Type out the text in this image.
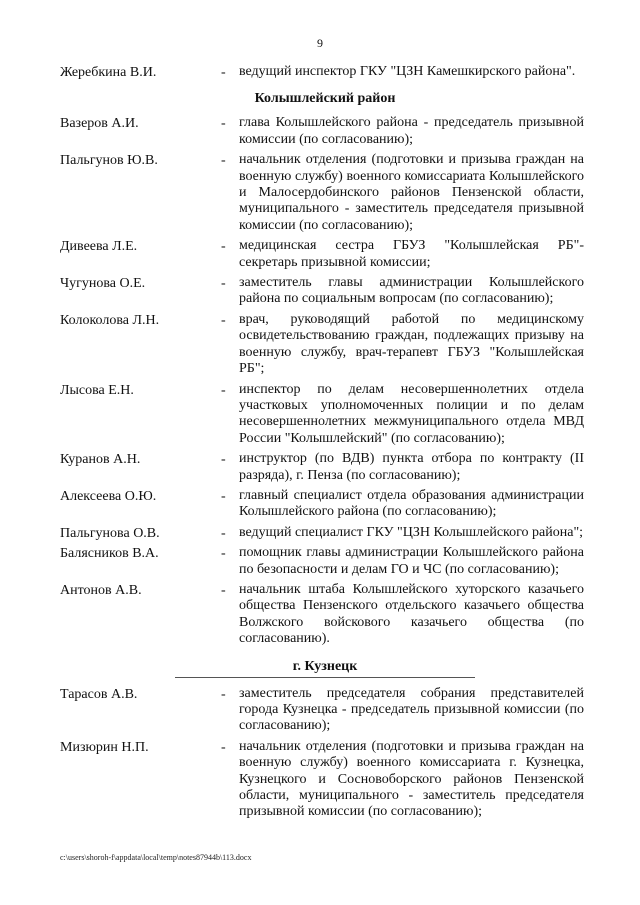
9
Жеребкина В.И.	- ведущий инспектор ГКУ "ЦЗН Камешкирского района".
Колышлейский район
Вазеров А.И.	- глава Колышлейского района - председатель призывной комиссии (по согласованию);
Пальгунов Ю.В.	- начальник отделения (подготовки и призыва граждан на военную службу) военного комиссариата Колышлейского и Малосердобинского районов Пензенской области, муниципального - заместитель председателя призывной комиссии (по согласованию);
Дивеева Л.Е.	- медицинская сестра ГБУЗ "Колышлейская РБ"- секретарь призывной комиссии;
Чугунова О.Е.	- заместитель главы администрации Колышлейского района по социальным вопросам (по согласованию);
Колоколова Л.Н.	- врач, руководящий работой по медицинскому освидетельствованию граждан, подлежащих призыву на военную службу, врач-терапевт ГБУЗ "Колышлейская РБ";
Лысова Е.Н.	- инспектор по делам несовершеннолетних отдела участковых уполномоченных полиции и по делам несовершеннолетних межмуниципального отдела МВД России "Колышлейский" (по согласованию);
Куранов А.Н.	- инструктор (по ВДВ) пункта отбора по контракту (II разряда), г. Пенза (по согласованию);
Алексеева О.Ю.	- главный специалист отдела образования администрации Колышлейского района (по согласованию);
Пальгунова О.В.	- ведущий специалист ГКУ "ЦЗН Колышлейского района";
Балясников В.А.	- помощник главы администрации Колышлейского района по безопасности и делам ГО и ЧС (по согласованию);
Антонов А.В.	- начальник штаба Колышлейского хуторского казачьего общества Пензенского отдельского казачьего общества Волжского войскового казачьего общества (по согласованию).
г. Кузнецк
Тарасов А.В.	- заместитель председателя собрания представителей города Кузнецка - председатель призывной комиссии (по согласованию);
Мизюрин Н.П.	- начальник отделения (подготовки и призыва граждан на военную службу) военного комиссариата г. Кузнецка, Кузнецкого и Сосновоборского районов Пензенской области, муниципального - заместитель председателя призывной комиссии (по согласованию);
c:\users\shoroh-f\appdata\local\temp\notes87944b\113.docx
